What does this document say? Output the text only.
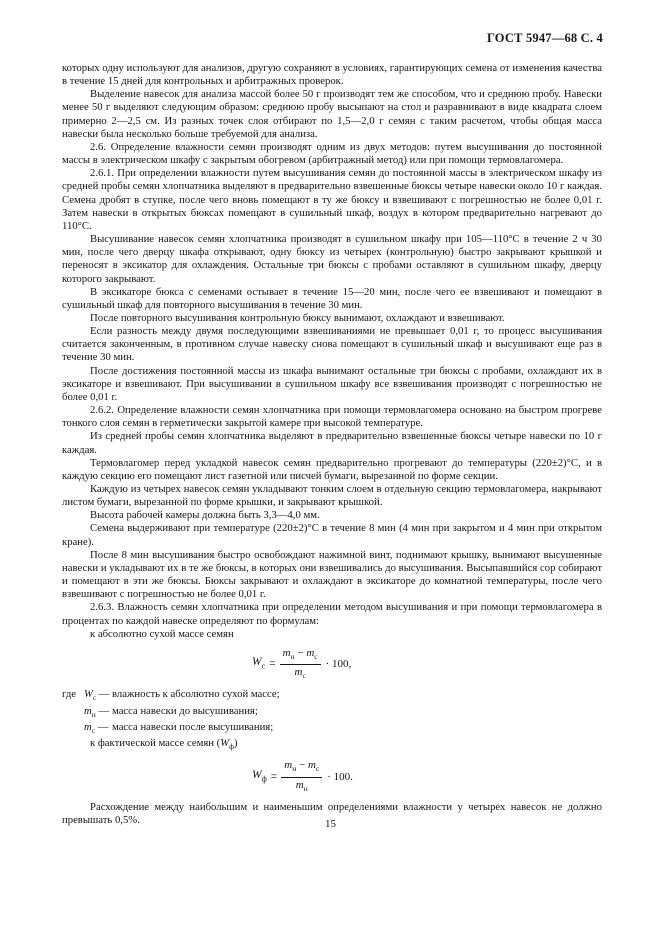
ГОСТ 5947—68 С. 4

которых одну используют для анализов, другую сохраняют в условиях, гарантирующих семена от изменения качества в течение 15 дней для контрольных и арбитражных проверок.

Выделение навесок для анализа массой более 50 г производят тем же способом, что и среднюю пробу. Навески менее 50 г выделяют следующим образом: среднюю пробу высыпают на стол и разравнивают в виде квадрата слоем примерно 2—2,5 см. Из разных точек слоя отбирают по 1,5—2,0 г семян с таким расчетом, чтобы общая масса навески была несколько больше требуемой для анализа.

2.6. Определение влажности семян производят одним из двух методов: путем высушивания до постоянной массы в электрическом шкафу с закрытым обогревом (арбитражный метод) или при помощи термовлагомера.

2.6.1. При определении влажности путем высушивания семян до постоянной массы в электрическом шкафу из средней пробы семян хлопчатника выделяют в предварительно взвешенные бюксы четыре навески около 10 г каждая. Семена дробят в ступке, после чего вновь помещают в ту же бюксу и взвешивают с погрешностью не более 0,01 г. Затем навески в открытых бюксах помещают в сушильный шкаф, воздух в котором предварительно нагревают до 110°С.

Высушивание навесок семян хлопчатника производят в сушильном шкафу при 105—110°С в течение 2 ч 30 мин, после чего дверцу шкафа открывают, одну бюксу из четырех (контрольную) быстро закрывают крышкой и переносят в эксикатор для охлаждения. Остальные три бюксы с пробами оставляют в сушильном шкафу, дверцу которого закрывают.

В эксикаторе бюкса с семенами остывает в течение 15—20 мин, после чего ее взвешивают и помещают в сушильный шкаф для повторного высушивания в течение 30 мин.

После повторного высушивания контрольную бюксу вынимают, охлаждают и взвешивают.

Если разность между двумя последующими взвешиваниями не превышает 0,01 г, то процесс высушивания считается законченным, в противном случае навеску снова помещают в сушильный шкаф и высушивают еще раз в течение 30 мин.

После достижения постоянной массы из шкафа вынимают остальные три бюксы с пробами, охлаждают их в эксикаторе и взвешивают. При высушивании в сушильном шкафу все взвешивания производят с погрешностью не более 0,01 г.

2.6.2. Определение влажности семян хлопчатника при помощи термовлагомера основано на быстром прогреве тонкого слоя семян в герметически закрытой камере при высокой температуре.

Из средней пробы семян хлопчатника выделяют в предварительно взвешенные бюксы четыре навески по 10 г каждая.

Термовлагомер перед укладкой навесок семян предварительно прогревают до температуры (220±2)°С, и в каждую секцию его помещают лист газетной или писчей бумаги, вырезанной по форме секции.

Каждую из четырех навесок семян укладывают тонким слоем в отдельную секцию термовлагомера, накрывают листом бумаги, вырезанной по форме крышки, и закрывают крышкой.

Высота рабочей камеры должна быть 3,3—4,0 мм.

Семена выдерживают при температуре (220±2)°С в течение 8 мин (4 мин при закрытом и 4 мин при открытом кране).

После 8 мин высушивания быстро освобождают нажимной винт, поднимают крышку, вынимают высушенные навески и укладывают их в те же бюксы, в которых они взвешивались до высушивания. Высыпавшийся сор собирают и помещают в эти же бюксы. Бюксы закрывают и охлаждают в эксикаторе до комнатной температуры, после чего взвешивают с погрешностью не более 0,01 г.

2.6.3. Влажность семян хлопчатника при определении методом высушивания и при помощи термовлагомера в процентах по каждой навеске определяют по формулам:

к абсолютно сухой массе семян

$W_с = \frac{m_н - m_с}{m_с} \cdot 100$,
где $W_с$ — влажность к абсолютно сухой массе;
$m_н$ — масса навески до высушивания;
$m_с$ — масса навески после высушивания;

к фактической массе семян $(W_ф)$

$W_ф = \frac{m_н - m_с}{m_н} \cdot 100$.

Расхождение между наибольшим и наименьшим определениями влажности у четырех навесок не должно превышать 0,5%.	15
